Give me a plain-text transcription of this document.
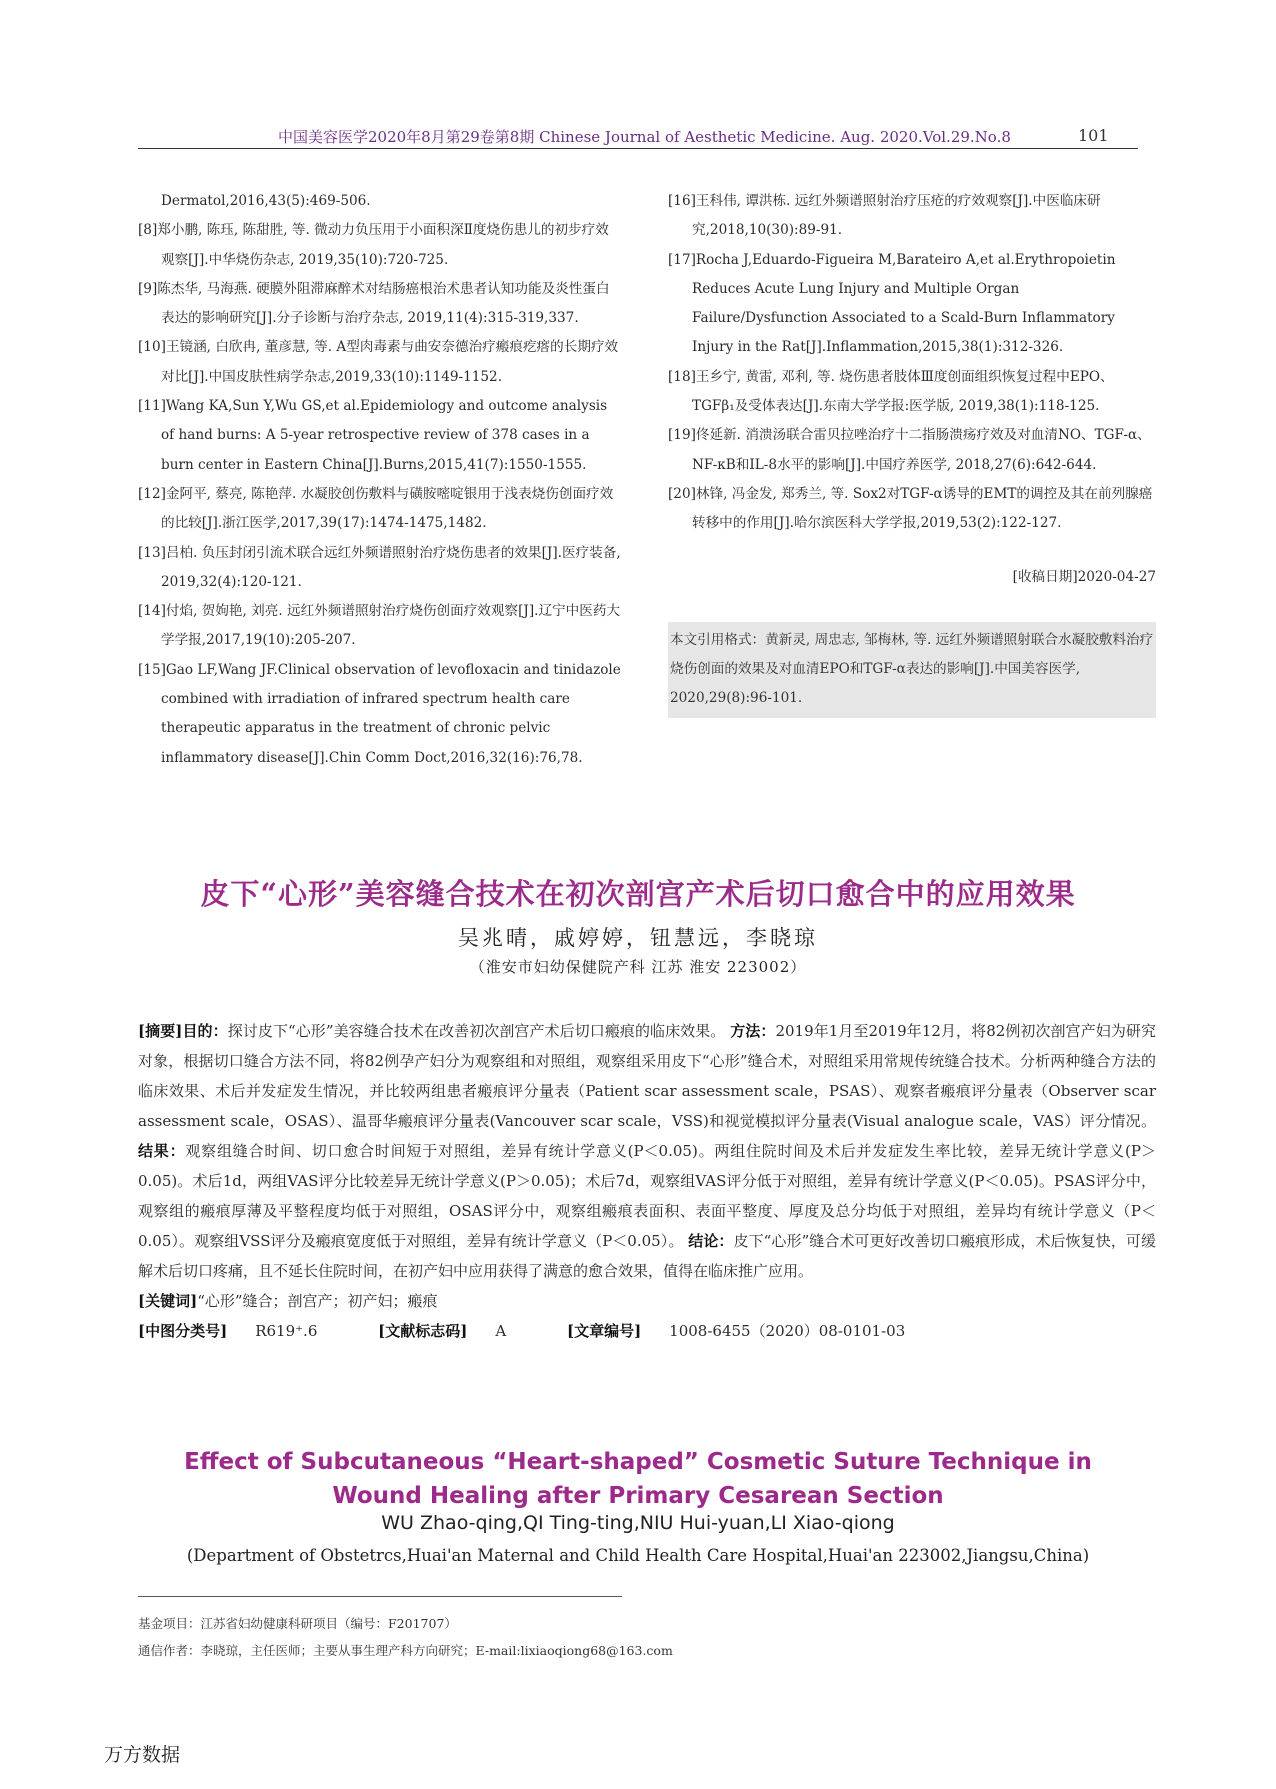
中国美容医学2020年8月第29卷第8期 Chinese Journal of Aesthetic Medicine. Aug. 2020.Vol.29.No.8	101

Dermatol,2016,43(5):469-506.

[8]郑小鹏, 陈珏, 陈甜胜, 等. 微动力负压用于小面积深Ⅱ度烧伤患儿的初步疗效观察[J].中华烧伤杂志, 2019,35(10):720-725.

[9]陈杰华, 马海燕. 硬膜外阻滞麻醉术对结肠癌根治术患者认知功能及炎性蛋白表达的影响研究[J].分子诊断与治疗杂志, 2019,11(4):315-319,337.

[10]王镜涵, 白欣冉, 董彦慧, 等. A型肉毒素与曲安奈德治疗瘢痕疙瘩的长期疗效对比[J].中国皮肤性病学杂志,2019,33(10):1149-1152.

[11]Wang KA,Sun Y,Wu GS,et al.Epidemiology and outcome analysis of hand burns: A 5-year retrospective review of 378 cases in a burn center in Eastern China[J].Burns,2015,41(7):1550-1555.

[12]金阿平, 蔡亮, 陈艳萍. 水凝胶创伤敷料与磺胺嘧啶银用于浅表烧伤创面疗效的比较[J].浙江医学,2017,39(17):1474-1475,1482.

[13]吕柏. 负压封闭引流术联合远红外频谱照射治疗烧伤患者的效果[J].医疗装备, 2019,32(4):120-121.

[14]付焰, 贺姁艳, 刘亮. 远红外频谱照射治疗烧伤创面疗效观察[J].辽宁中医药大学学报,2017,19(10):205-207.

[15]Gao LF,Wang JF.Clinical observation of levofloxacin and tinidazole combined with irradiation of infrared spectrum health care therapeutic apparatus in the treatment of chronic pelvic inflammatory disease[J].Chin Comm Doct,2016,32(16):76,78.

[16]王科伟, 谭洪栋. 远红外频谱照射治疗压疮的疗效观察[J].中医临床研究,2018,10(30):89-91.

[17]Rocha J,Eduardo-Figueira M,Barateiro A,et al.Erythropoietin Reduces Acute Lung Injury and Multiple Organ Failure/Dysfunction Associated to a Scald-Burn Inflammatory Injury in the Rat[J].Inflammation,2015,38(1):312-326.

[18]王乡宁, 黄雷, 邓利, 等. 烧伤患者肢体Ⅲ度创面组织恢复过程中EPO、TGFβ₁及受体表达[J].东南大学学报:医学版, 2019,38(1):118-125.

[19]佟延新. 消溃汤联合雷贝拉唑治疗十二指肠溃疡疗效及对血清NO、TGF-α、NF-κB和IL-8水平的影响[J].中国疗养医学, 2018,27(6):642-644.

[20]林锋, 冯金发, 郑秀兰, 等. Sox2对TGF-α诱导的EMT的调控及其在前列腺癌转移中的作用[J].哈尔滨医科大学学报,2019,53(2):122-127.

[收稿日期]2020-04-27
本文引用格式：黄新灵, 周忠志, 邹梅林, 等. 远红外频谱照射联合水凝胶敷料治疗烧伤创面的效果及对血清EPO和TGF-α表达的影响[J].中国美容医学, 2020,29(8):96-101.
皮下“心形”美容缝合技术在初次剖宫产术后切口愈合中的应用效果
吴兆晴，戚婷婷，钮慧远，李晓琼
（淮安市妇幼保健院产科 江苏 淮安 223002）

[摘要]目的：探讨皮下“心形”美容缝合技术在改善初次剖宫产术后切口瘢痕的临床效果。 方法：2019年1月至2019年12月，将82例初次剖宫产妇为研究对象，根据切口缝合方法不同，将82例孕产妇分为观察组和对照组，观察组采用皮下“心形”缝合术，对照组采用常规传统缝合技术。分析两种缝合方法的临床效果、术后并发症发生情况，并比较两组患者瘢痕评分量表（Patient scar assessment scale，PSAS）、观察者瘢痕评分量表（Observer scar assessment scale，OSAS）、温哥华瘢痕评分量表(Vancouver scar scale，VSS)和视觉模拟评分量表(Visual analogue scale，VAS）评分情况。 结果：观察组缝合时间、切口愈合时间短于对照组，差异有统计学意义(P＜0.05)。两组住院时间及术后并发症发生率比较，差异无统计学意义(P＞0.05)。术后1d，两组VAS评分比较差异无统计学意义(P＞0.05)；术后7d，观察组VAS评分低于对照组，差异有统计学意义(P＜0.05)。PSAS评分中，观察组的瘢痕厚薄及平整程度均低于对照组，OSAS评分中，观察组瘢痕表面积、表面平整度、厚度及总分均低于对照组，差异均有统计学意义（P＜0.05）。观察组VSS评分及瘢痕宽度低于对照组，差异有统计学意义（P＜0.05）。 结论：皮下“心形”缝合术可更好改善切口瘢痕形成，术后恢复快，可缓解术后切口疼痛，且不延长住院时间，在初产妇中应用获得了满意的愈合效果，值得在临床推广应用。

[关键词]“心形”缝合；剖宫产；初产妇；瘢痕

[中图分类号] R619⁺.6	[文献标志码] A	[文章编号] 1008-6455（2020）08-0101-03

Effect of Subcutaneous “Heart-shaped” Cosmetic Suture Technique in Wound Healing after Primary Cesarean Section
WU Zhao-qing,QI Ting-ting,NIU Hui-yuan,LI Xiao-qiong
(Department of Obstetrcs,Huai'an Maternal and Child Health Care Hospital,Huai'an 223002,Jiangsu,China)

基金项目：江苏省妇幼健康科研项目（编号：F201707）

通信作者：李晓琼，主任医师；主要从事生理产科方向研究；E-mail:lixiaoqiong68@163.com

万方数据
